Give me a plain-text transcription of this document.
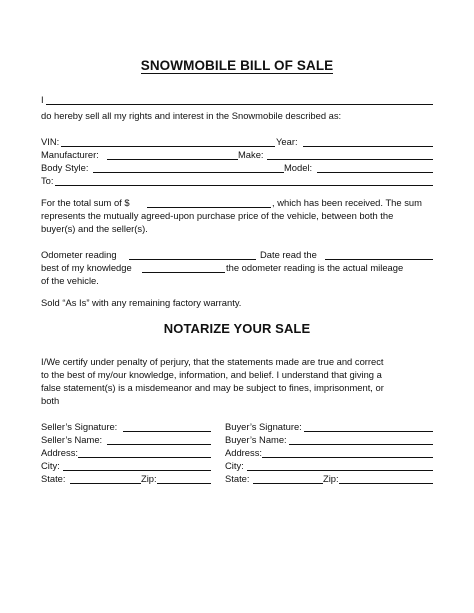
SNOWMOBILE BILL OF SALE
I
do hereby sell all my rights and interest in the Snowmobile described as:
VIN:	Year:
Manufacturer:	Make:
Body Style:	Model:
To:
For the total sum of $	, which has been received. The sum
represents the mutually agreed-upon purchase price of the vehicle, between both the
buyer(s) and the seller(s).
Odometer reading	Date read the
best of my knowledge	the odometer reading is the actual mileage
of the vehicle.
Sold “As Is” with any remaining factory warranty.
NOTARIZE YOUR SALE
I/We certify under penalty of perjury, that the statements made are true and correct
to the best of my/our knowledge, information, and belief. I understand that giving a
false statement(s) is a misdemeanor and may be subject to fines, imprisonment, or
both
Seller’s Signature:
Seller’s Name:
Address:
City:
State:	Zip:
Buyer’s Signature:
Buyer’s Name:
Address:
City:
State:	Zip:
